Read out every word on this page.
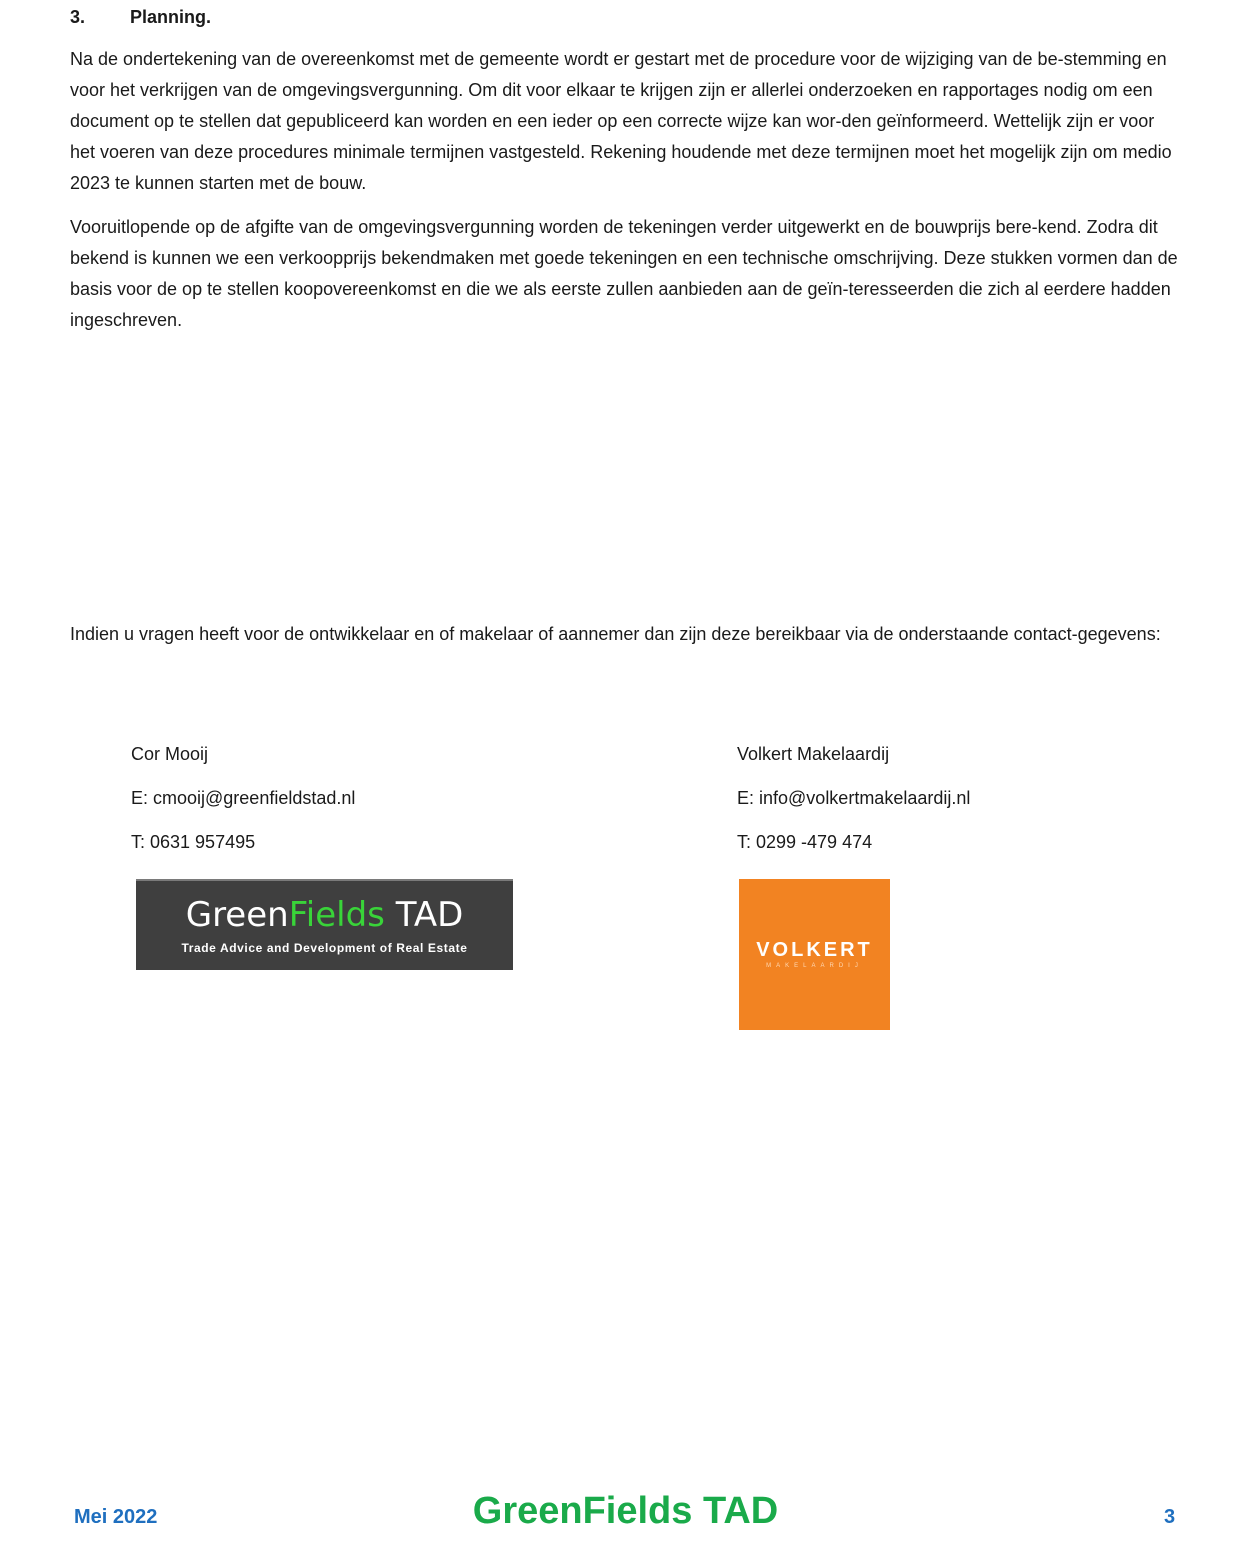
3. Planning.

Na de ondertekening van de overeenkomst met de gemeente wordt er gestart met de procedure voor de wijziging van de be-stemming en voor het verkrijgen van de omgevingsvergunning. Om dit voor elkaar te krijgen zijn er allerlei onderzoeken en rapportages nodig om een document op te stellen dat gepubliceerd kan worden en een ieder op een correcte wijze kan wor-den geïnformeerd. Wettelijk zijn er voor het voeren van deze procedures minimale termijnen vastgesteld. Rekening houdende met deze termijnen moet het mogelijk zijn om medio 2023 te kunnen starten met de bouw.

Vooruitlopende op de afgifte van de omgevingsvergunning worden de tekeningen verder uitgewerkt en de bouwprijs bere-kend. Zodra dit bekend is kunnen we een verkoopprijs bekendmaken met goede tekeningen en een technische omschrijving. Deze stukken vormen dan de basis voor de op te stellen koopovereenkomst en die we als eerste zullen aanbieden aan de geïn-teresseerden die zich al eerdere hadden ingeschreven.

Indien u vragen heeft voor de ontwikkelaar en of makelaar of aannemer dan zijn deze bereikbaar via de onderstaande contact-gegevens:

Cor Mooij
E: cmooij@greenfieldstad.nl
T: 0631 957495
Volkert Makelaardij
E: info@volkertmakelaardij.nl
T: 0299 -479 474
GreenFields TAD
Trade Advice and Development of Real Estate	VOLKERT
MAKELAARDIJ
Mei 2022	GreenFields TAD	3
